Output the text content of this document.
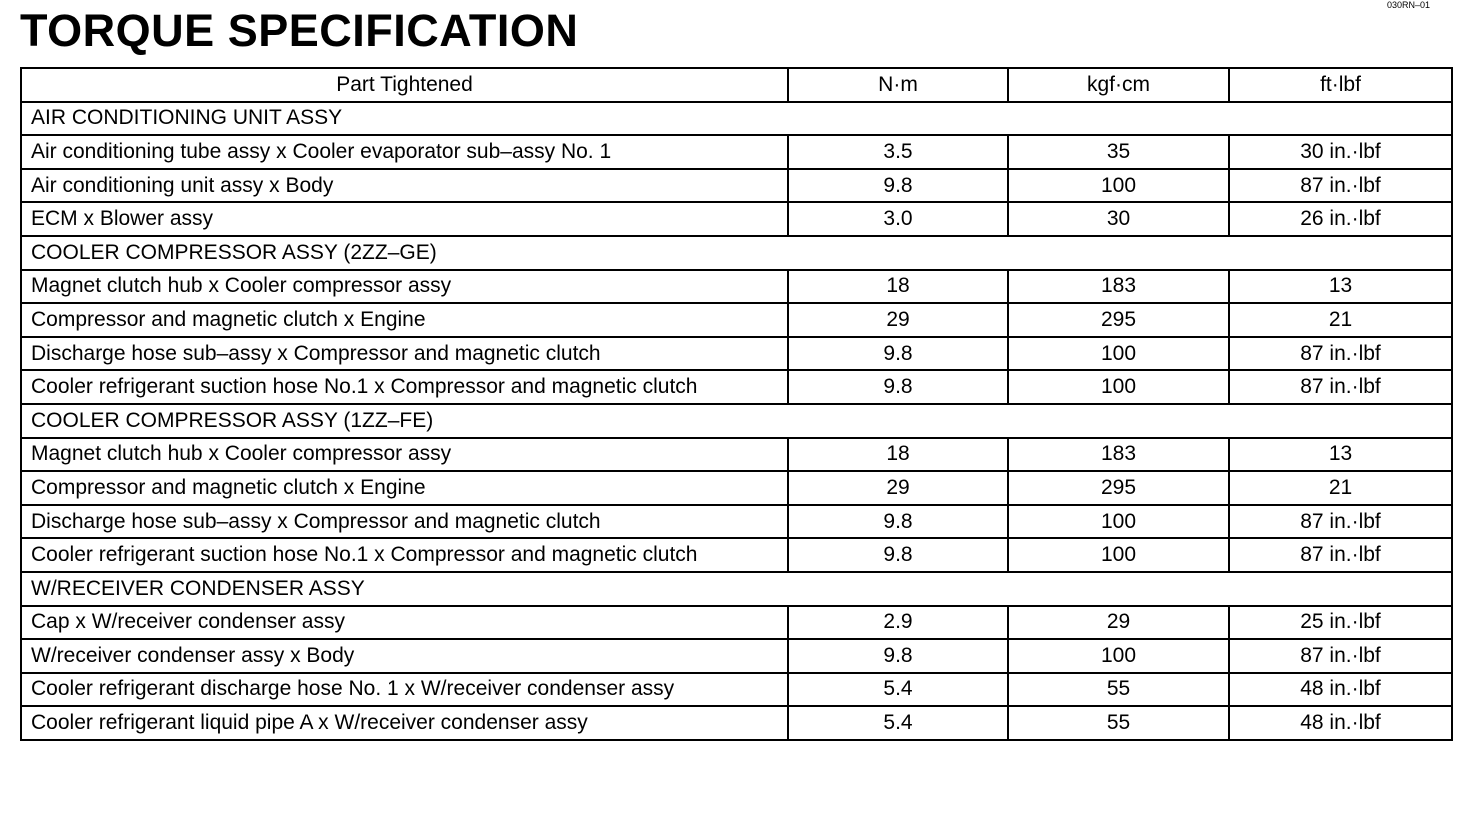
TORQUE SPECIFICATION	030RN–01
Part Tightened	N·m	kgf·cm	ft·lbf
AIR CONDITIONING UNIT ASSY			
Air conditioning tube assy x Cooler evaporator sub–assy No. 1	3.5	35	30 in.·lbf
Air conditioning unit assy x Body	9.8	100	87 in.·lbf
ECM x Blower assy	3.0	30	26 in.·lbf
COOLER COMPRESSOR ASSY (2ZZ–GE)			
Magnet clutch hub x Cooler compressor assy	18	183	13
Compressor and magnetic clutch x Engine	29	295	21
Discharge hose sub–assy x Compressor and magnetic clutch	9.8	100	87 in.·lbf
Cooler refrigerant suction hose No.1 x Compressor and magnetic clutch	9.8	100	87 in.·lbf
COOLER COMPRESSOR ASSY (1ZZ–FE)			
Magnet clutch hub x Cooler compressor assy	18	183	13
Compressor and magnetic clutch x Engine	29	295	21
Discharge hose sub–assy x Compressor and magnetic clutch	9.8	100	87 in.·lbf
Cooler refrigerant suction hose No.1 x Compressor and magnetic clutch	9.8	100	87 in.·lbf
W/RECEIVER CONDENSER ASSY			
Cap x W/receiver condenser assy	2.9	29	25 in.·lbf
W/receiver condenser assy x Body	9.8	100	87 in.·lbf
Cooler refrigerant discharge hose No. 1 x W/receiver condenser assy	5.4	55	48 in.·lbf
Cooler refrigerant liquid pipe A x W/receiver condenser assy	5.4	55	48 in.·lbf
